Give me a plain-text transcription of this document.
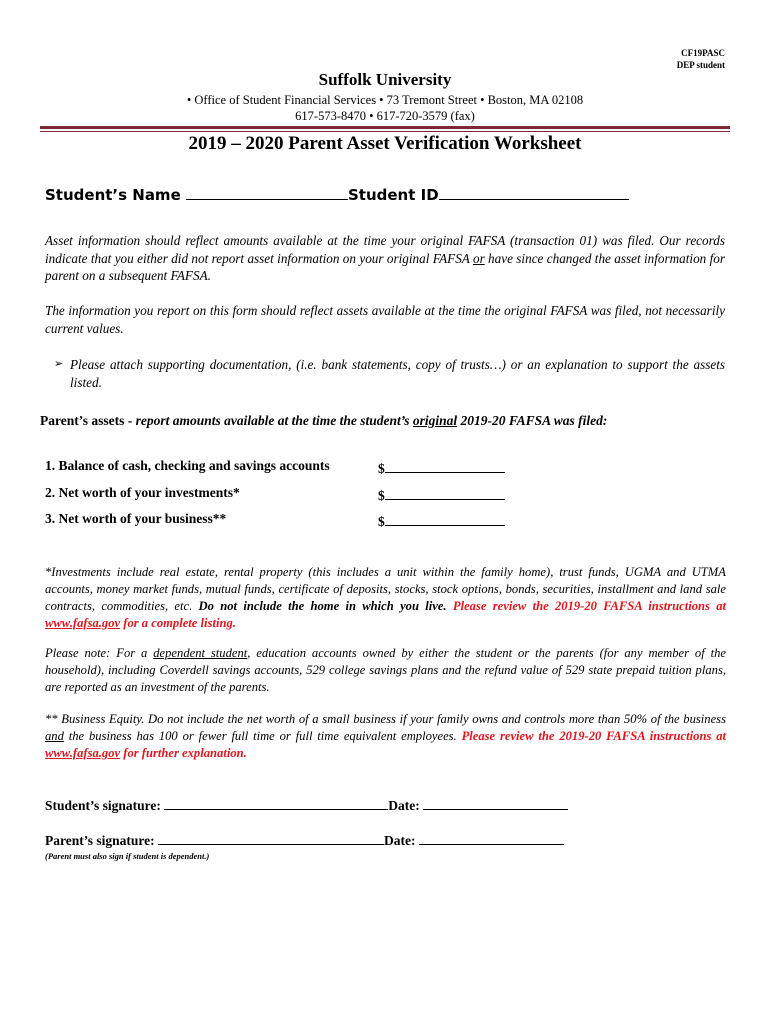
CF19PASC
DEP student
Suffolk University
• Office of Student Financial Services • 73 Tremont Street • Boston, MA 02108
617-573-8470 • 617-720-3579 (fax)
2019 – 2020 Parent Asset Verification Worksheet
Student’s Name	Student ID
Asset information should reflect amounts available at the time your original FAFSA (transaction 01) was filed. Our records indicate that you either did not report asset information on your original FAFSA or have since changed the asset information for parent on a subsequent FAFSA.
The information you report on this form should reflect assets available at the time the original FAFSA was filed, not necessarily current values.
➢ Please attach supporting documentation, (i.e. bank statements, copy of trusts…) or an explanation to support the assets listed.
Parent’s assets - report amounts available at the time the student’s original 2019-20 FAFSA was filed:
1. Balance of cash, checking and savings accounts	$
2. Net worth of your investments*	$
3. Net worth of your business**	$
*Investments include real estate, rental property (this includes a unit within the family home), trust funds, UGMA and UTMA accounts, money market funds, mutual funds, certificate of deposits, stocks, stock options, bonds, securities, installment and land sale contracts, commodities, etc. Do not include the home in which you live. Please review the 2019-20 FAFSA instructions at www.fafsa.gov for a complete listing.
Please note: For a dependent student, education accounts owned by either the student or the parents (for any member of the household), including Coverdell savings accounts, 529 college savings plans and the refund value of 529 state prepaid tuition plans, are reported as an investment of the parents.
** Business Equity. Do not include the net worth of a small business if your family owns and controls more than 50% of the business and the business has 100 or fewer full time or full time equivalent employees. Please review the 2019-20 FAFSA instructions at www.fafsa.gov for further explanation.
Student’s signature:	Date:
Parent’s signature:	Date:
(Parent must also sign if student is dependent.)
